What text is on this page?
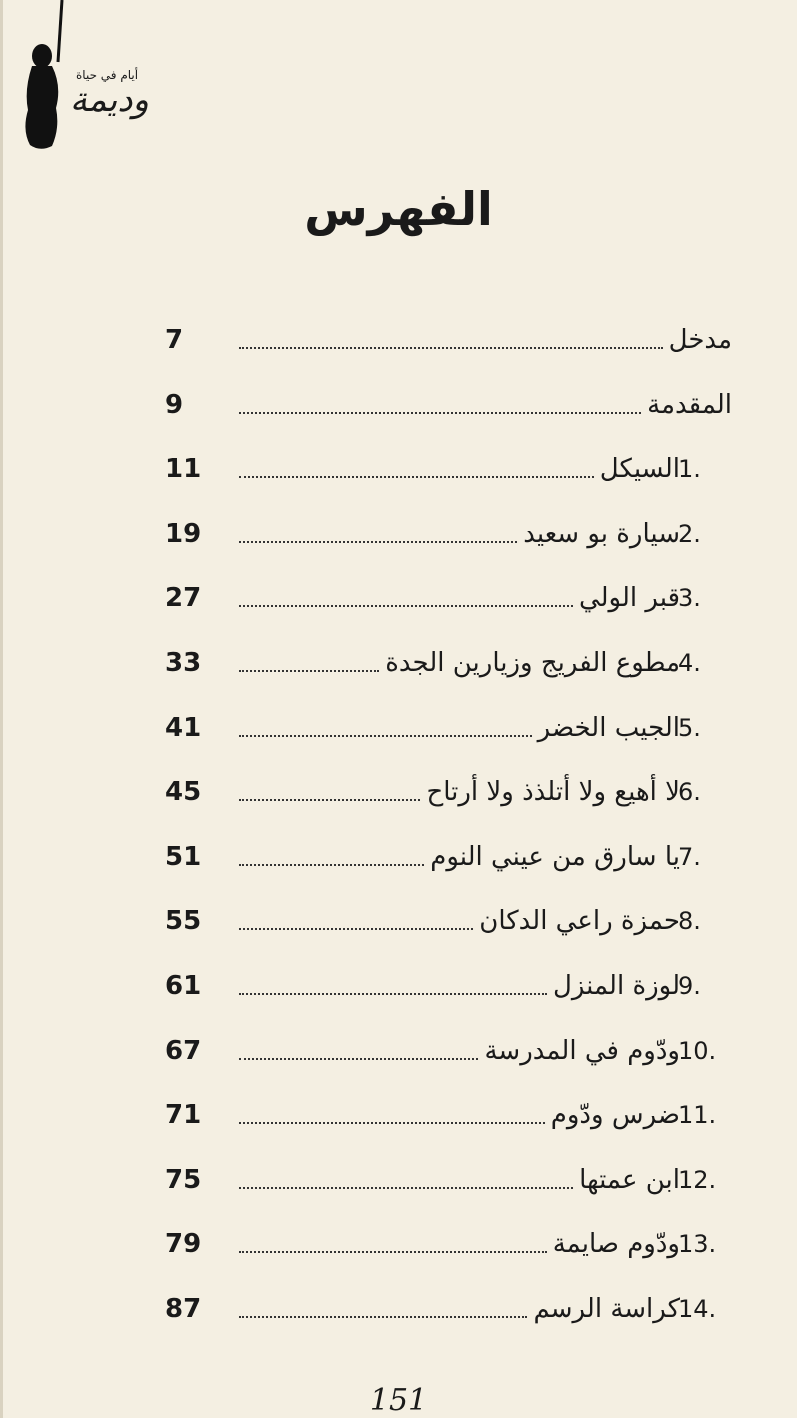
أيام في حياة
وديمة
الفهرس
مدخل
7
المقدمة
9
1.
السيكل
11
2.
سيارة بو سعيد
19
3.
قبر الولي
27
4.
مطوع الفريج وزيارين الجدة
33
5.
الجيب الخضر
41
6.
لا أهيع ولا أتلذذ ولا أرتاح
45
7.
يا سارق من عيني النوم
51
8.
حمزة راعي الدكان
55
9.
لوزة المنزل
61
10.
ودّوم في المدرسة
67
11.
ضرس ودّوم
71
12.
ابن عمتها
75
13.
ودّوم صايمة
79
14.
كراسة الرسم
87
151
